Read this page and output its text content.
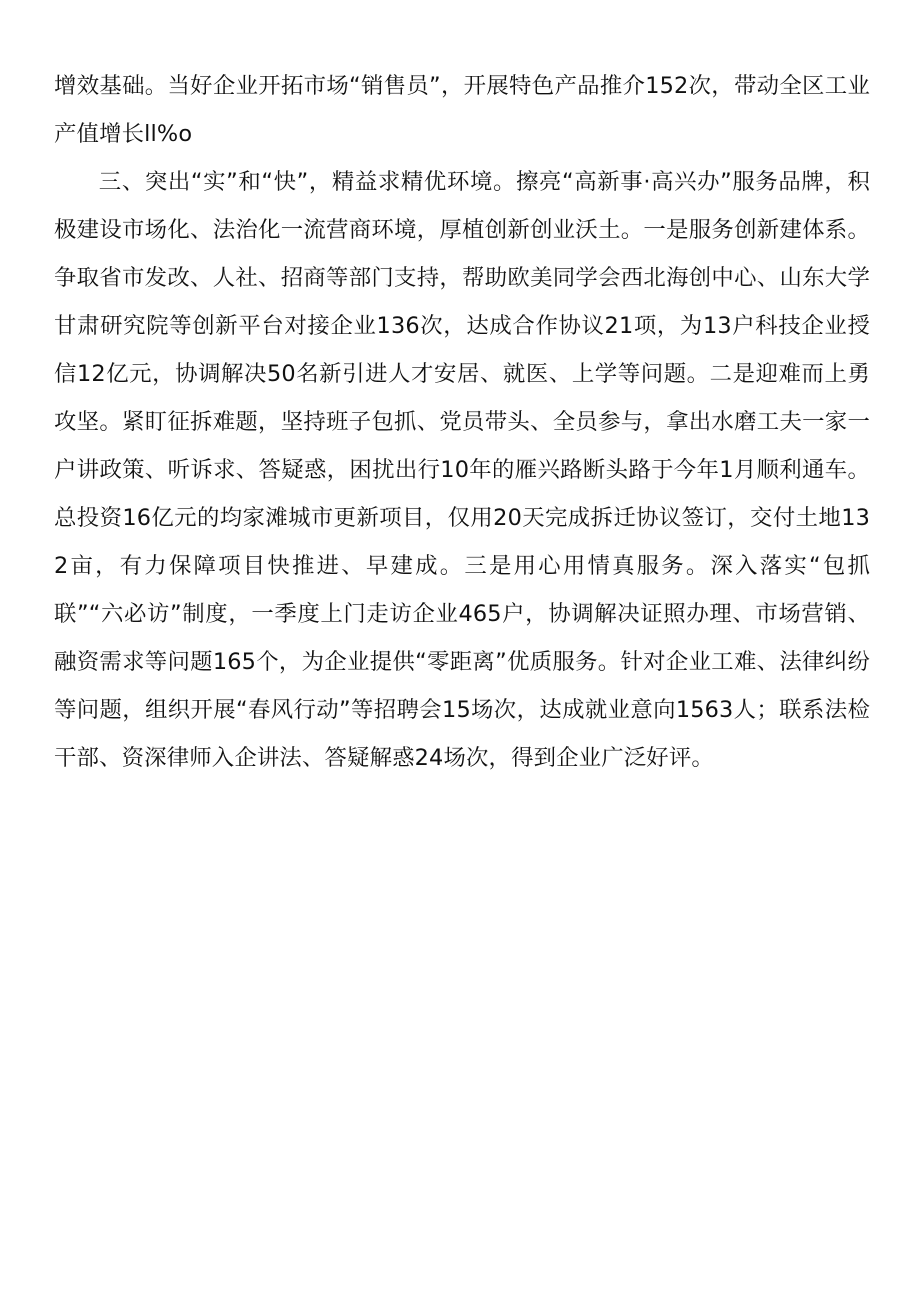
增效基础。当好企业开拓市场“销售员”，开展特色产品推介152次，带动全区工业产值增长ll%o

三、突出“实”和“快”，精益求精优环境。擦亮“高新事·高兴办”服务品牌，积极建设市场化、法治化一流营商环境，厚植创新创业沃土。一是服务创新建体系。争取省市发改、人社、招商等部门支持，帮助欧美同学会西北海创中心、山东大学甘肃研究院等创新平台对接企业136次，达成合作协议21项，为13户科技企业授信12亿元，协调解决50名新引进人才安居、就医、上学等问题。二是迎难而上勇攻坚。紧盯征拆难题，坚持班子包抓、党员带头、全员参与，拿出水磨工夫一家一户讲政策、听诉求、答疑惑，困扰出行10年的雁兴路断头路于今年1月顺利通车。总投资16亿元的均家滩城市更新项目，仅用20天完成拆迁协议签订，交付土地132亩，有力保障项目快推进、早建成。三是用心用情真服务。深入落实“包抓联”“六必访”制度，一季度上门走访企业465户，协调解决证照办理、市场营销、融资需求等问题165个，为企业提供“零距离”优质服务。针对企业工难、法律纠纷等问题，组织开展“春风行动”等招聘会15场次，达成就业意向1563人；联系法检干部、资深律师入企讲法、答疑解惑24场次，得到企业广泛好评。
